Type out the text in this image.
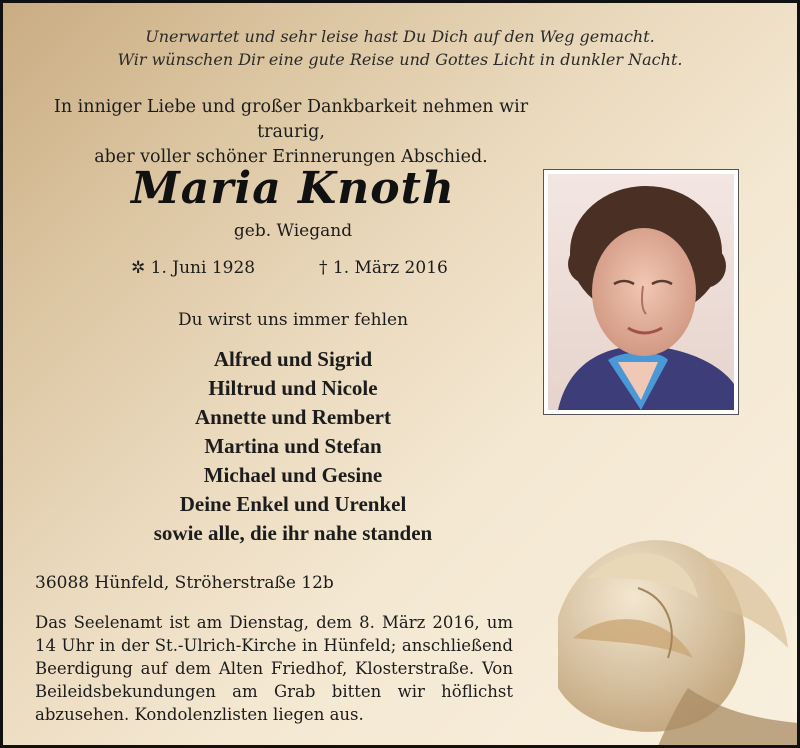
Unerwartet und sehr leise hast Du Dich auf den Weg gemacht.
Wir wünschen Dir eine gute Reise und Gottes Licht in dunkler Nacht.
In inniger Liebe und großer Dankbarkeit nehmen wir traurig,
aber voller schöner Erinnerungen Abschied.
Maria Knoth
geb. Wiegand
✲ 1. Juni 1928	† 1. März 2016
Du wirst uns immer fehlen
Alfred und Sigrid
Hiltrud und Nicole
Annette und Rembert
Martina und Stefan
Michael und Gesine
Deine Enkel und Urenkel
sowie alle, die ihr nahe standen
36088 Hünfeld, Ströherstraße 12b
Das Seelenamt ist am Dienstag, dem 8. März 2016, um 14 Uhr in der St.-Ulrich-Kirche in Hünfeld; anschließend Beerdigung auf dem Alten Friedhof, Klosterstraße. Von Beileidsbekundungen am Grab bitten wir höflichst abzusehen. Kondolenzlisten liegen aus.
